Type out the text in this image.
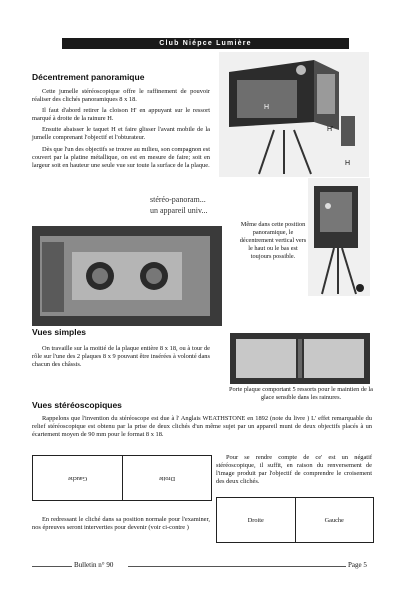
Club Niépce Lumière
Décentrement panoramique

Cette jumelle stéréoscopique offre le raffinement de pouvoir réaliser des clichés panoramiques 8 x 18.

Il faut d'abord retirer la cloison H' en appuyant sur le ressort marqué à droite de la rainure H.

Ensuite abaisser le taquet H et faire glisser l'avant mobile de la jumelle comprenant l'objectif et l'obturateur.

Dès que l'un des objectifs se trouve au milieu, son compagnon est couvert par la platine métallique, on est en mesure de faire; soit en largeur soit en hauteur une seule vue sur toute la surface de la plaque.

H
H'
H
stéréo-panoram...
un appareil univ...
Même dans cette position panoramique, le décentrement vertical vers le haut ou le bas est toujours possible.
Vues simples

On travaille sur la moitié de la plaque entière 8 x 18, ou à tour de rôle sur l'une des 2 plaques 8 x 9 pouvant être insérées à volonté dans chacun des châssis.

Porte plaque comportant 5 ressorts pour le maintien de la glace sensible dans les rainures.
Vues stéréoscopiques

Rappelons que l'invention du stéréoscope est due à l' Anglais WEATHSTONE en 1892 (note du livre ) L' effet remarquable du relief stéréoscopique est obtenu par la prise de deux clichés d'un même sujet par un appareil muni de deux objectifs placés à un écartement moyen de 90 mm pour le format 8 x 18.

Gauche	Droite

Pour se rendre compte de ce' est un négatif stéréoscopique, il suffit, en raison du renversement de l'image produit par l'objectif de comprendre le croisement des deux clichés.

En redressant le cliché dans sa position normale pour l'examiner, nos épreuves seront interverties pour devenir (voir ci-contre )

Droite	Gauche
Bulletin n° 90	Page 5
